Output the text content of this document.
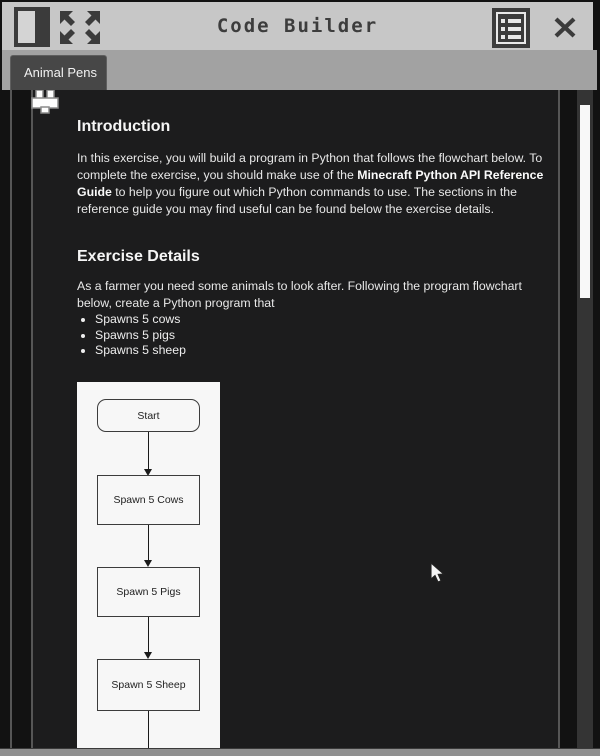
Code Builder
Animal Pens
Introduction

In this exercise, you will build a program in Python that follows the flowchart below. To complete the exercise, you should make use of the Minecraft Python API Reference Guide to help you figure out which Python commands to use. The sections in the reference guide you may find useful can be found below the exercise details.

Exercise Details

As a farmer you need some animals to look after. Following the program flowchart below, create a Python program that

• Spawns 5 cows
• Spawns 5 pigs
• Spawns 5 sheep
Start
Spawn 5 Cows
Spawn 5 Pigs
Spawn 5 Sheep
